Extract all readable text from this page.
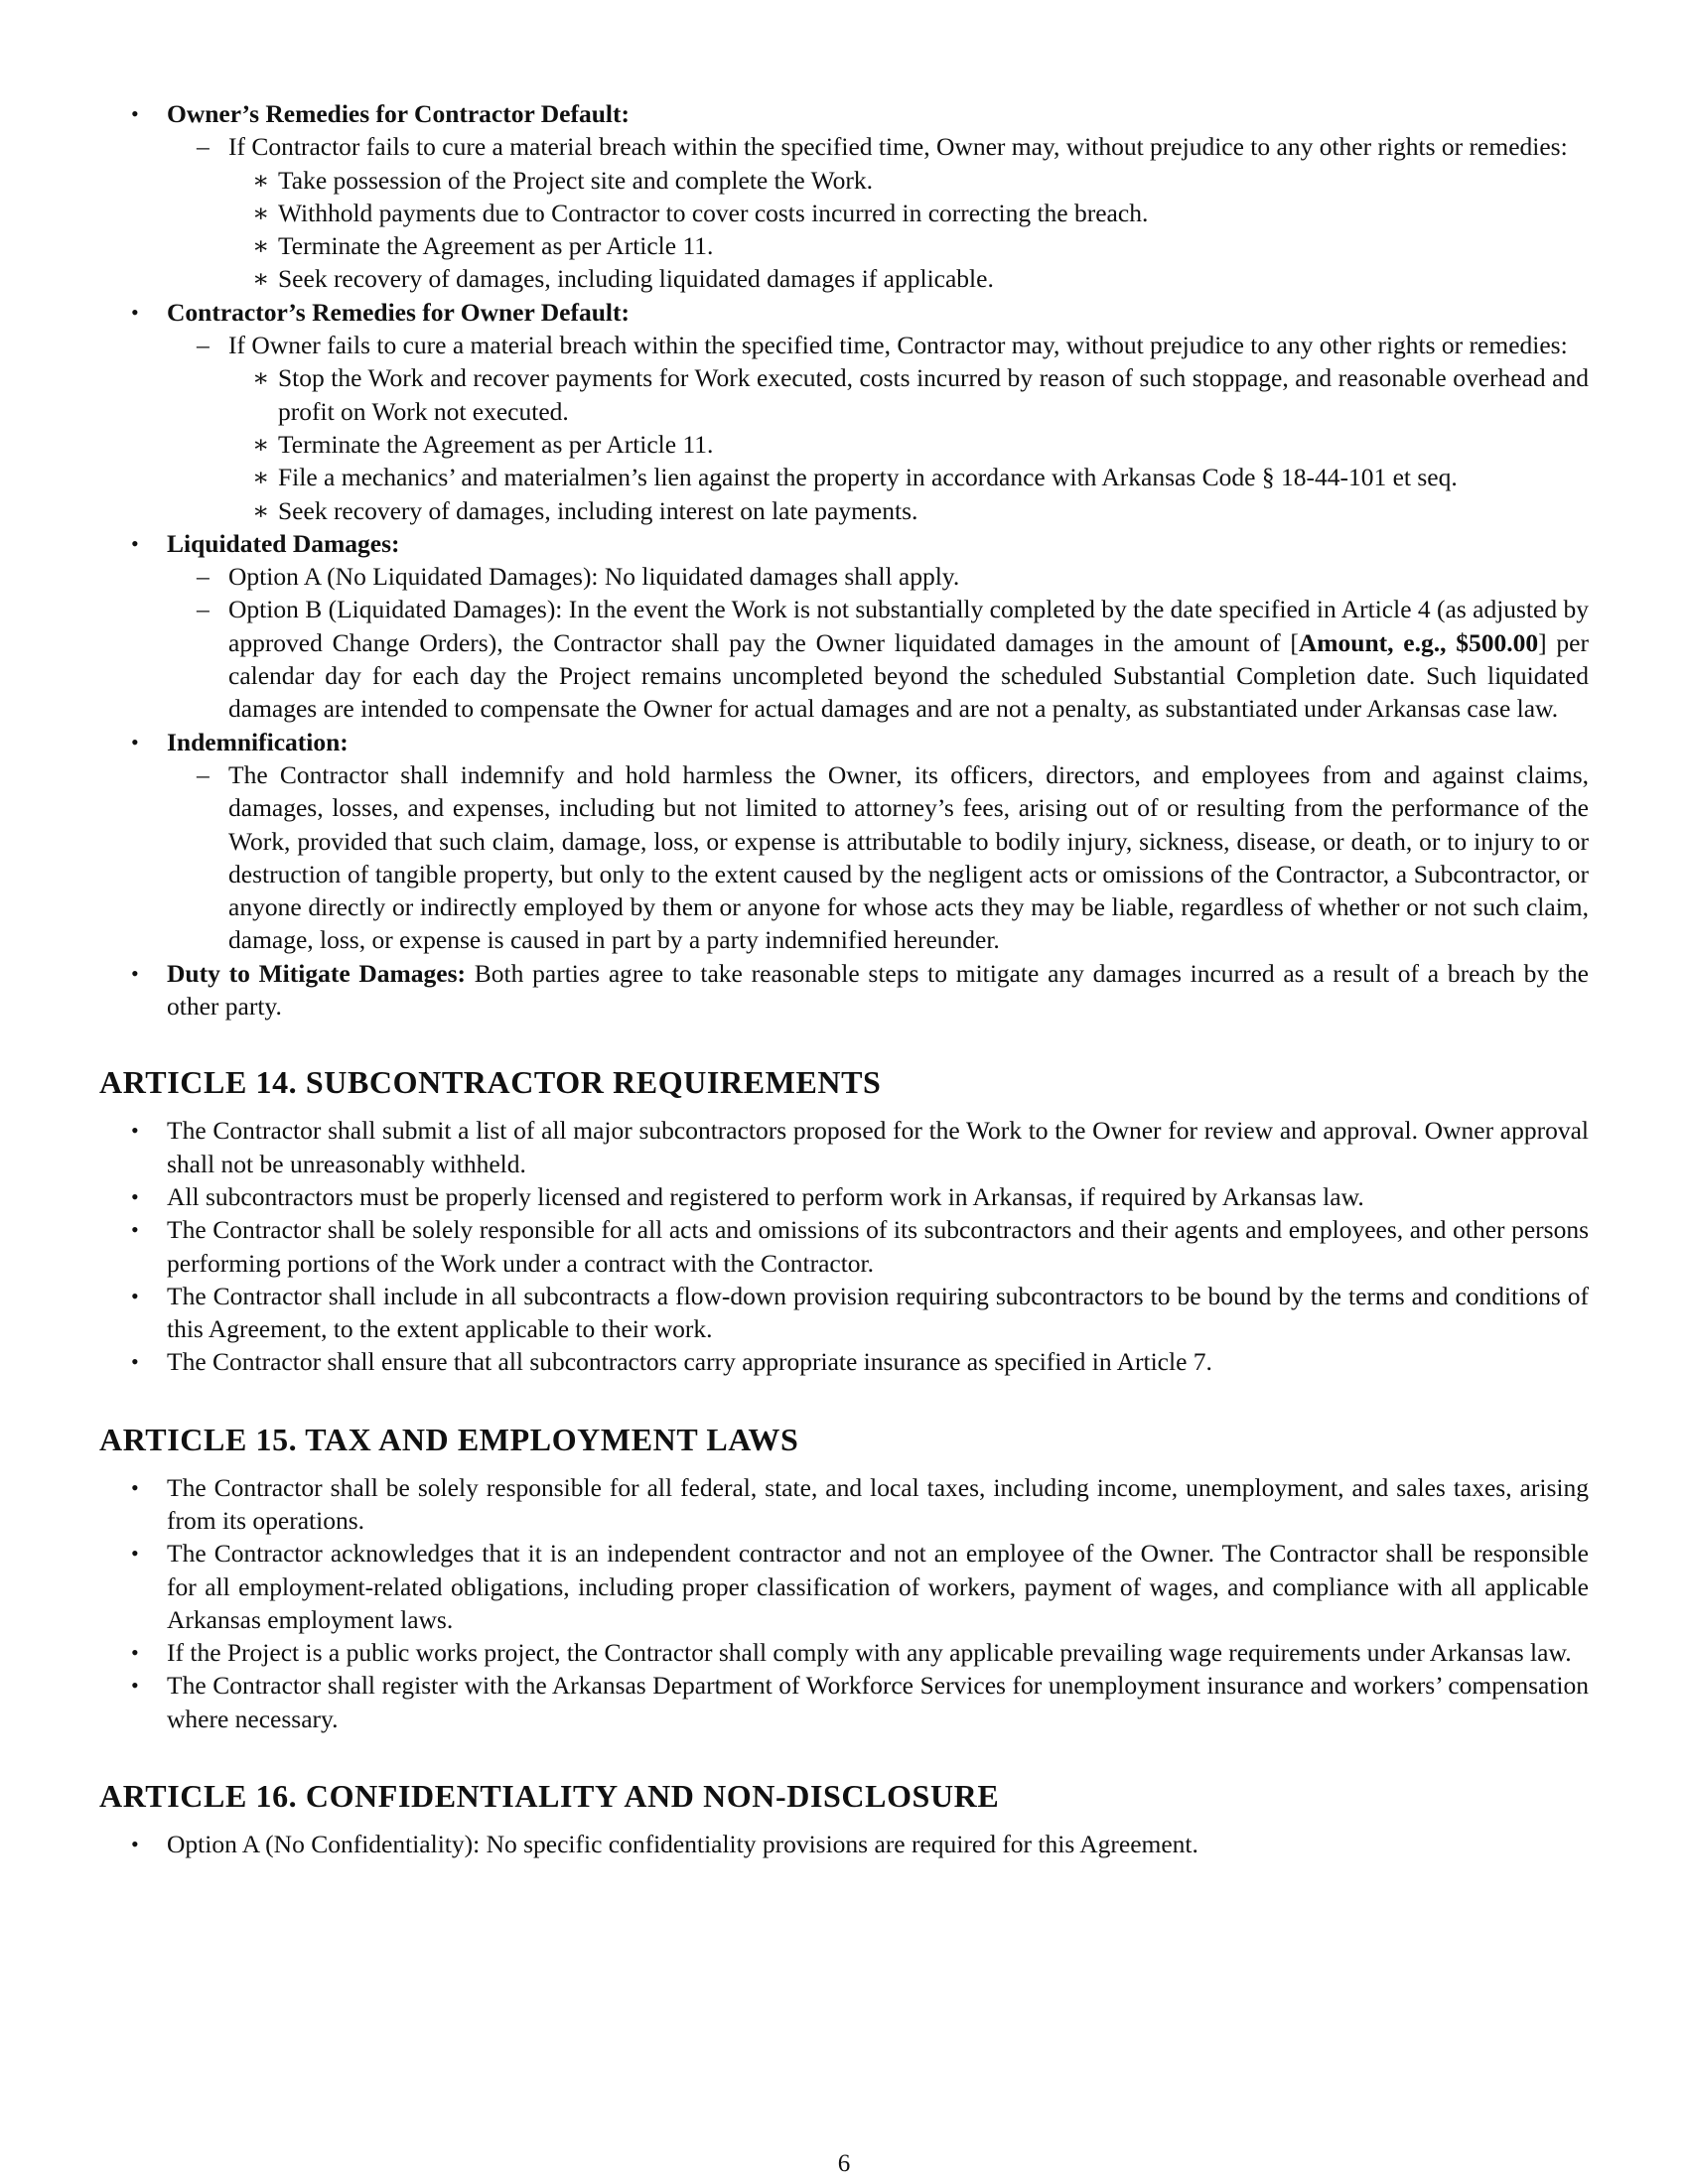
• Owner’s Remedies for Contractor Default:
– If Contractor fails to cure a material breach within the specified time, Owner may, without prejudice to any other rights or remedies:
∗ Take possession of the Project site and complete the Work.
∗ Withhold payments due to Contractor to cover costs incurred in correcting the breach.
∗ Terminate the Agreement as per Article 11.
∗ Seek recovery of damages, including liquidated damages if applicable.
• Contractor’s Remedies for Owner Default:
– If Owner fails to cure a material breach within the specified time, Contractor may, without prejudice to any other rights or remedies:
∗ Stop the Work and recover payments for Work executed, costs incurred by reason of such stoppage, and reasonable overhead and profit on Work not executed.
∗ Terminate the Agreement as per Article 11.
∗ File a mechanics’ and materialmen’s lien against the property in accordance with Arkansas Code § 18-44-101 et seq.
∗ Seek recovery of damages, including interest on late payments.
• Liquidated Damages:
– Option A (No Liquidated Damages): No liquidated damages shall apply.
– Option B (Liquidated Damages): In the event the Work is not substantially completed by the date specified in Article 4 (as adjusted by approved Change Orders), the Contractor shall pay the Owner liquidated damages in the amount of [Amount, e.g., $500.00] per calendar day for each day the Project remains uncompleted beyond the scheduled Substantial Completion date. Such liquidated damages are intended to compensate the Owner for actual damages and are not a penalty, as substantiated under Arkansas case law.
• Indemnification:
– The Contractor shall indemnify and hold harmless the Owner, its officers, directors, and employees from and against claims, damages, losses, and expenses, including but not limited to attorney’s fees, arising out of or resulting from the performance of the Work, provided that such claim, damage, loss, or expense is attributable to bodily injury, sickness, disease, or death, or to injury to or destruction of tangible property, but only to the extent caused by the negligent acts or omissions of the Contractor, a Subcontractor, or anyone directly or indirectly employed by them or anyone for whose acts they may be liable, regardless of whether or not such claim, damage, loss, or expense is caused in part by a party indemnified hereunder.
• Duty to Mitigate Damages: Both parties agree to take reasonable steps to mitigate any damages incurred as a result of a breach by the other party.
ARTICLE 14. SUBCONTRACTOR REQUIREMENTS
• The Contractor shall submit a list of all major subcontractors proposed for the Work to the Owner for review and approval. Owner approval shall not be unreasonably withheld.
• All subcontractors must be properly licensed and registered to perform work in Arkansas, if required by Arkansas law.
• The Contractor shall be solely responsible for all acts and omissions of its subcontractors and their agents and employees, and other persons performing portions of the Work under a contract with the Contractor.
• The Contractor shall include in all subcontracts a flow-down provision requiring subcontractors to be bound by the terms and conditions of this Agreement, to the extent applicable to their work.
• The Contractor shall ensure that all subcontractors carry appropriate insurance as specified in Article 7.
ARTICLE 15. TAX AND EMPLOYMENT LAWS
• The Contractor shall be solely responsible for all federal, state, and local taxes, including income, unemployment, and sales taxes, arising from its operations.
• The Contractor acknowledges that it is an independent contractor and not an employee of the Owner. The Contractor shall be responsible for all employment-related obligations, including proper classification of workers, payment of wages, and compliance with all applicable Arkansas employment laws.
• If the Project is a public works project, the Contractor shall comply with any applicable prevailing wage requirements under Arkansas law.
• The Contractor shall register with the Arkansas Department of Workforce Services for unemployment insurance and workers’ compensation where necessary.
ARTICLE 16. CONFIDENTIALITY AND NON-DISCLOSURE
• Option A (No Confidentiality): No specific confidentiality provisions are required for this Agreement.
6
